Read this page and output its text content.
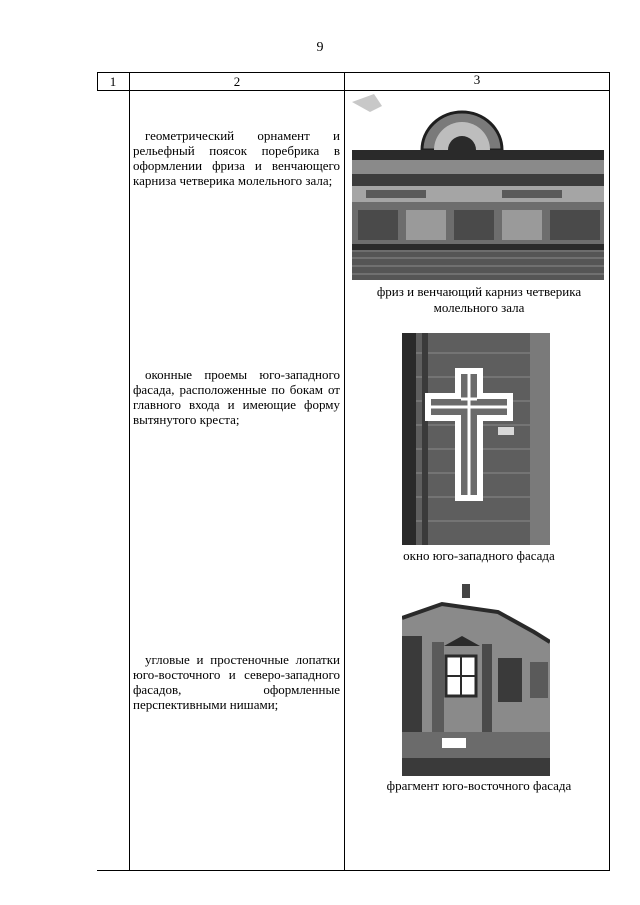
9
1	2	3
геометрический орнамент и рельефный поясок поребрика в оформлении фриза и венчающего карниза четверика молельного зала;
фриз и венчающий карниз четверика молельного зала
оконные проемы юго-западного фасада, расположенные по бокам от главного входа и имеющие форму вытянутого креста;
окно юго-западного фасада
угловые и простеночные лопатки юго-восточного и северо-западного фасадов, оформленные перспективными нишами;
фрагмент юго-восточного фасада
